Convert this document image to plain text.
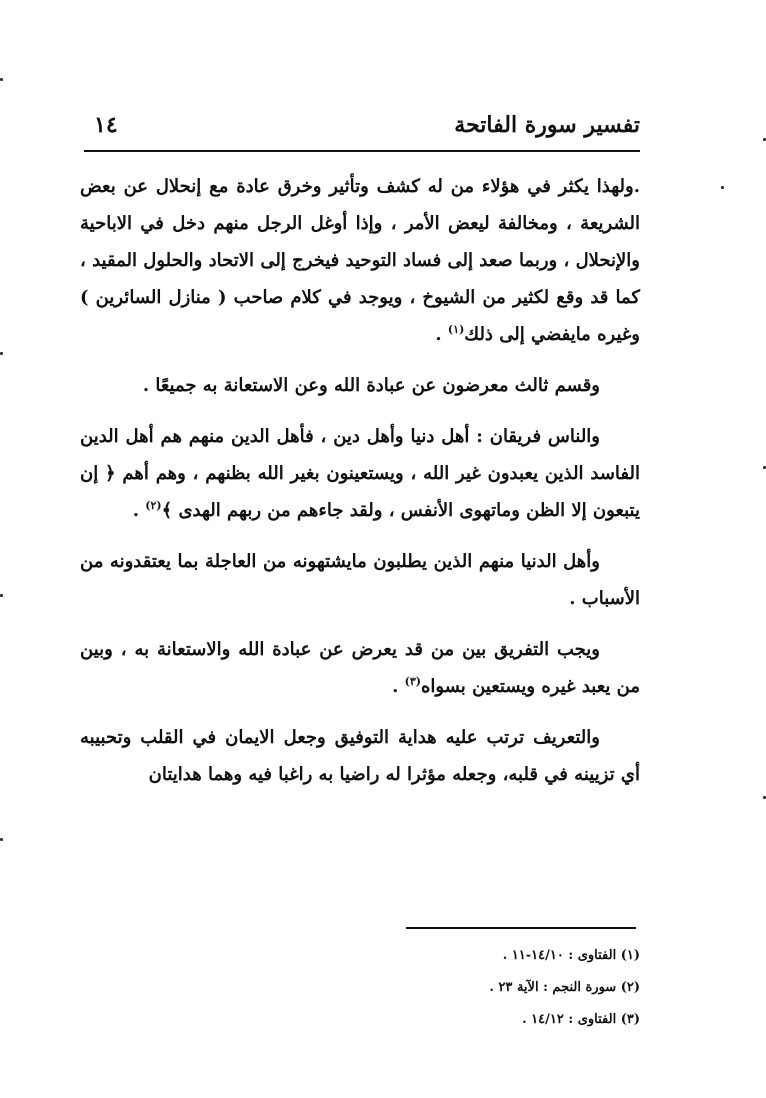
تفسير سورة الفاتحة
١٤

.ولهذا يكثر في هؤلاء من له كشف وتأثير وخرق عادة مع إنحلال عن بعض الشريعة ، ومخالفة ليعض الأمر ، وإذا أوغل الرجل منهم دخل في الاباحية والإنحلال ، وربما صعد إلى فساد التوحيد فيخرج إلى الاتحاد والحلول المقيد ، كما قد وقع لكثير من الشيوخ ، ويوجد في كلام صاحب ( منازل السائرين ) وغيره مايفضي إلى ذلك$^{(١)}$ .

وقسم ثالث معرضون عن عبادة الله وعن الاستعانة به جميعًا .

والناس فريقان : أهل دنيا وأهل دين ، فأهل الدين منهم هم أهل الدين الفاسد الذين يعبدون غير الله ، ويستعينون بغير الله بظنهم ، وهم أهم ﴿ إن يتبعون إلا الظن وماتهوى الأنفس ، ولقد جاءهم من ربهم الهدى ﴾$^{(٢)}$ .

وأهل الدنيا منهم الذين يطلبون مايشتهونه من العاجلة بما يعتقدونه من الأسباب .

ويجب التفريق بين من قد يعرض عن عبادة الله والاستعانة به ، وبين من يعبد غيره ويستعين بسواه$^{(٣)}$ .

والتعريف ترتب عليه هداية التوفيق وجعل الايمان في القلب وتحبيبه أي تزيينه في قلبه، وجعله مؤثرا له راضيا به راغبا فيه وهما هدايتان

(١) الفتاوى : ١٤/١٠-١١ .

(٢) سورة النجم : الآية ٢٣ .

(٣) الفتاوى : ١٤/١٢ .
